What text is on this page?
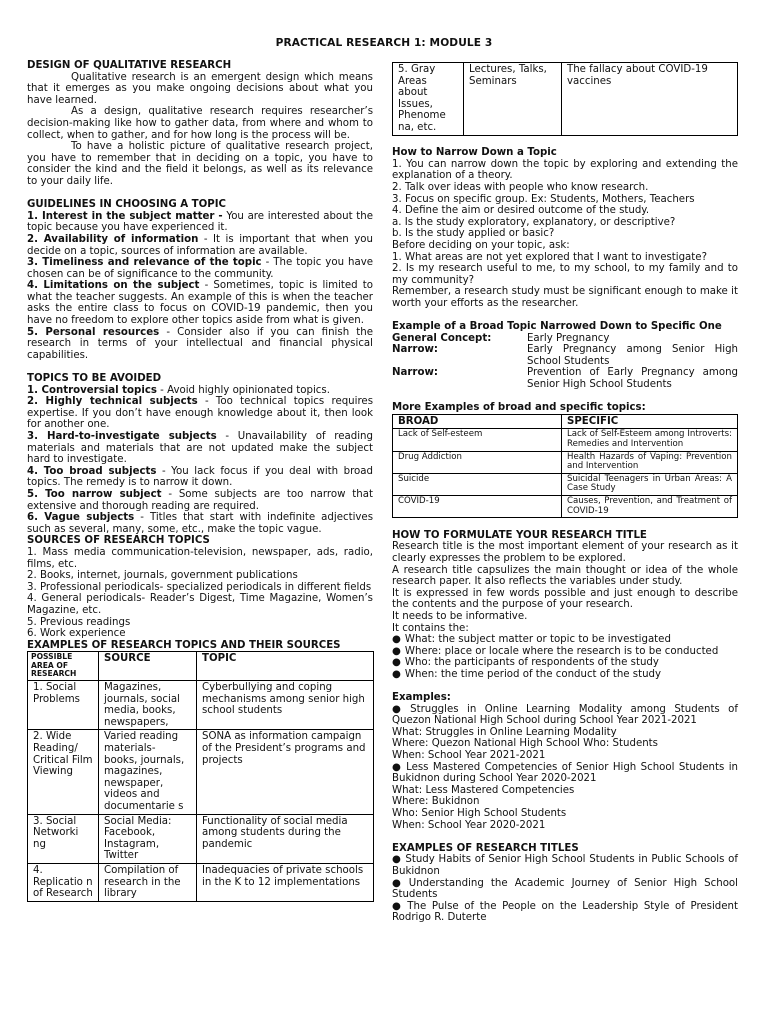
PRACTICAL RESEARCH 1: MODULE 3

DESIGN OF QUALITATIVE RESEARCH

Qualitative research is an emergent design which means that it emerges as you make ongoing decisions about what you have learned.

As a design, qualitative research requires researcher’s decision-making like how to gather data, from where and whom to collect, when to gather, and for how long is the process will be.

To have a holistic picture of qualitative research project, you have to remember that in deciding on a topic, you have to consider the kind and the field it belongs, as well as its relevance to your daily life.

GUIDELINES IN CHOOSING A TOPIC

1. Interest in the subject matter - You are interested about the topic because you have experienced it.

2. Availability of information - It is important that when you decide on a topic, sources of information are available.

3. Timeliness and relevance of the topic - The topic you have chosen can be of significance to the community.

4. Limitations on the subject - Sometimes, topic is limited to what the teacher suggests. An example of this is when the teacher asks the entire class to focus on COVID-19 pandemic, then you have no freedom to explore other topics aside from what is given.

5. Personal resources - Consider also if you can finish the research in terms of your intellectual and financial physical capabilities.

TOPICS TO BE AVOIDED

1. Controversial topics - Avoid highly opinionated topics.

2. Highly technical subjects - Too technical topics requires expertise. If you don’t have enough knowledge about it, then look for another one.

3. Hard-to-investigate subjects - Unavailability of reading materials and materials that are not updated make the subject hard to investigate.

4. Too broad subjects - You lack focus if you deal with broad topics. The remedy is to narrow it down.

5. Too narrow subject - Some subjects are too narrow that extensive and thorough reading are required.

6. Vague subjects - Titles that start with indefinite adjectives such as several, many, some, etc., make the topic vague.

SOURCES OF RESEARCH TOPICS

1. Mass media communication-television, newspaper, ads, radio, films, etc.

2. Books, internet, journals, government publications

3. Professional periodicals- specialized periodicals in different fields

4. General periodicals- Reader’s Digest, Time Magazine, Women’s Magazine, etc.

5. Previous readings

6. Work experience

EXAMPLES OF RESEARCH TOPICS AND THEIR SOURCES

POSSIBLE AREA OF RESEARCH	SOURCE	TOPIC
1. Social Problems	Magazines, journals, social media, books, newspapers,	Cyberbullying and coping mechanisms among senior high school students
2. Wide Reading/ Critical Film Viewing	Varied reading materials- books, journals, magazines, newspaper, videos and documentarie s	SONA as information campaign of the President’s programs and projects
3. Social Networki ng	Social Media: Facebook, Instagram, Twitter	Functionality of social media among students during the pandemic
4. Replicatio n of Research	Compilation of research in the library	Inadequacies of private schools in the K to 12 implementations
5. Gray Areas about Issues, Phenome na, etc.	Lectures, Talks, Seminars	The fallacy about COVID-19 vaccines

How to Narrow Down a Topic

1. You can narrow down the topic by exploring and extending the explanation of a theory.

2. Talk over ideas with people who know research.

3. Focus on specific group. Ex: Students, Mothers, Teachers

4. Define the aim or desired outcome of the study.

a. Is the study exploratory, explanatory, or descriptive?

b. Is the study applied or basic?

Before deciding on your topic, ask:

1. What areas are not yet explored that I want to investigate?

2. Is my research useful to me, to my school, to my family and to my community?

Remember, a research study must be significant enough to make it worth your efforts as the researcher.

Example of a Broad Topic Narrowed Down to Specific One

General Concept:	Early Pregnancy
Narrow:	Early Pregnancy among Senior High School Students
Narrow:	Prevention of Early Pregnancy among Senior High School Students

More Examples of broad and specific topics:

BROAD	SPECIFIC
Lack of Self-esteem	Lack of Self-Esteem among Introverts: Remedies and Intervention
Drug Addiction	Health Hazards of Vaping: Prevention and Intervention
Suicide	Suicidal Teenagers in Urban Areas: A Case Study
COVID-19	Causes, Prevention, and Treatment of COVID-19

HOW TO FORMULATE YOUR RESEARCH TITLE

Research title is the most important element of your research as it clearly expresses the problem to be explored.

A research title capsulizes the main thought or idea of the whole research paper. It also reflects the variables under study.

It is expressed in few words possible and just enough to describe the contents and the purpose of your research.

It needs to be informative.

It contains the:

● What: the subject matter or topic to be investigated

● Where: place or locale where the research is to be conducted

● Who: the participants of respondents of the study

● When: the time period of the conduct of the study

Examples:

● Struggles in Online Learning Modality among Students of Quezon National High School during School Year 2021-2021

What: Struggles in Online Learning Modality

Where: Quezon National High School Who: Students

When: School Year 2021-2021

● Less Mastered Competencies of Senior High School Students in Bukidnon during School Year 2020-2021

What: Less Mastered Competencies

Where: Bukidnon

Who: Senior High School Students

When: School Year 2020-2021

EXAMPLES OF RESEARCH TITLES

● Study Habits of Senior High School Students in Public Schools of Bukidnon

● Understanding the Academic Journey of Senior High School Students

● The Pulse of the People on the Leadership Style of President Rodrigo R. Duterte
